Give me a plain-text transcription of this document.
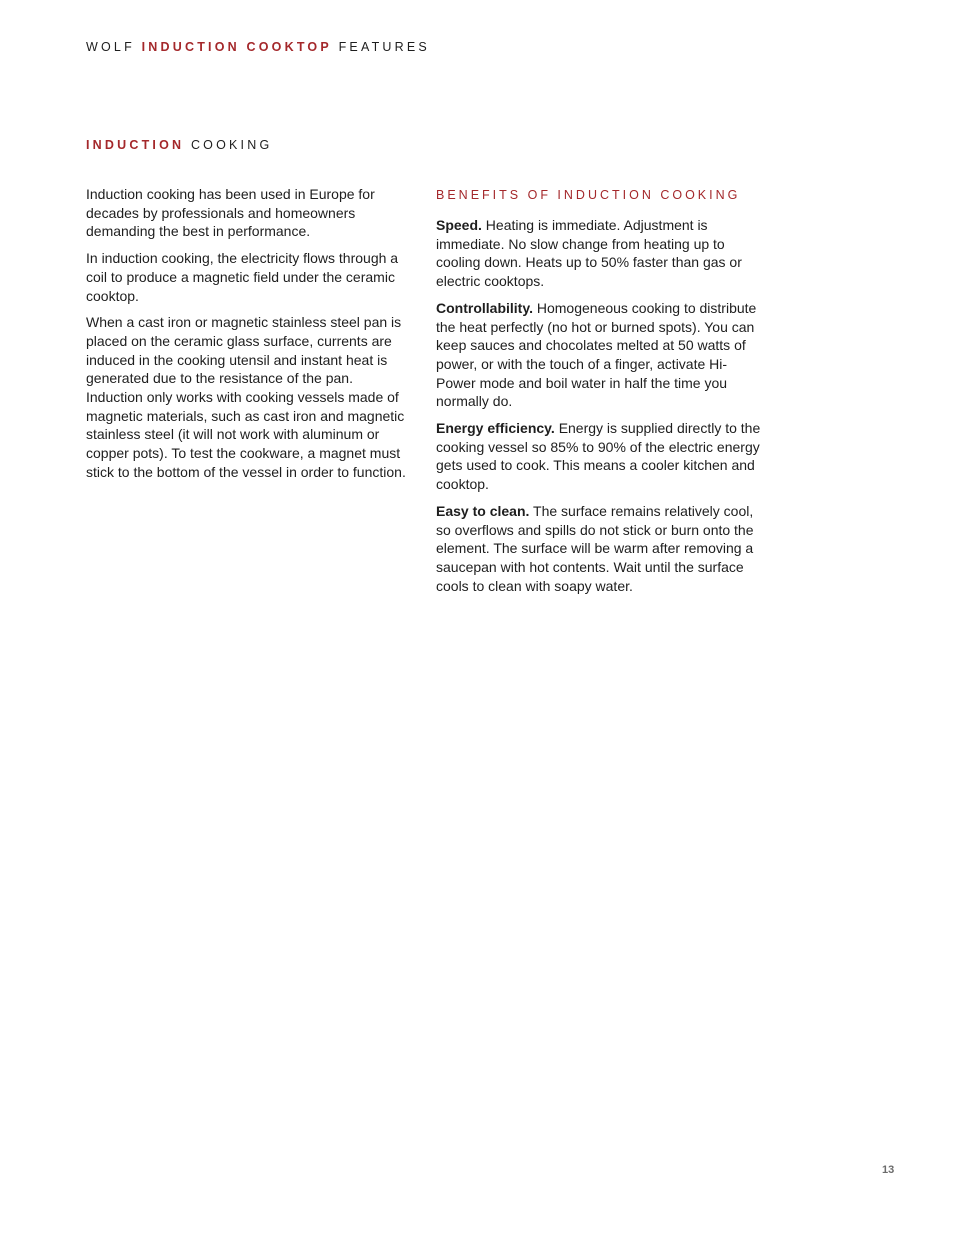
WOLF INDUCTION COOKTOP FEATURES
INDUCTION COOKING

Induction cooking has been used in Europe for decades by professionals and homeowners demanding the best in performance.

In induction cooking, the electricity flows through a coil to produce a magnetic field under the ceramic cooktop.

When a cast iron or magnetic stainless steel pan is placed on the ceramic glass surface, currents are induced in the cooking utensil and instant heat is generated due to the resistance of the pan. Induction only works with cooking vessels made of magnetic materials, such as cast iron and magnetic stainless steel (it will not work with aluminum or copper pots). To test the cookware, a magnet must stick to the bottom of the vessel in order to function.

BENEFITS OF INDUCTION COOKING

Speed. Heating is immediate. Adjustment is immediate. No slow change from heating up to cooling down. Heats up to 50% faster than gas or electric cooktops.

Controllability. Homogeneous cooking to distribute the heat perfectly (no hot or burned spots). You can keep sauces and chocolates melted at 50 watts of power, or with the touch of a finger, activate Hi-Power mode and boil water in half the time you normally do.

Energy efficiency. Energy is supplied directly to the cooking vessel so 85% to 90% of the electric energy gets used to cook. This means a cooler kitchen and cooktop.

Easy to clean. The surface remains relatively cool, so overflows and spills do not stick or burn onto the element. The surface will be warm after removing a saucepan with hot contents. Wait until the surface cools to clean with soapy water.

13
